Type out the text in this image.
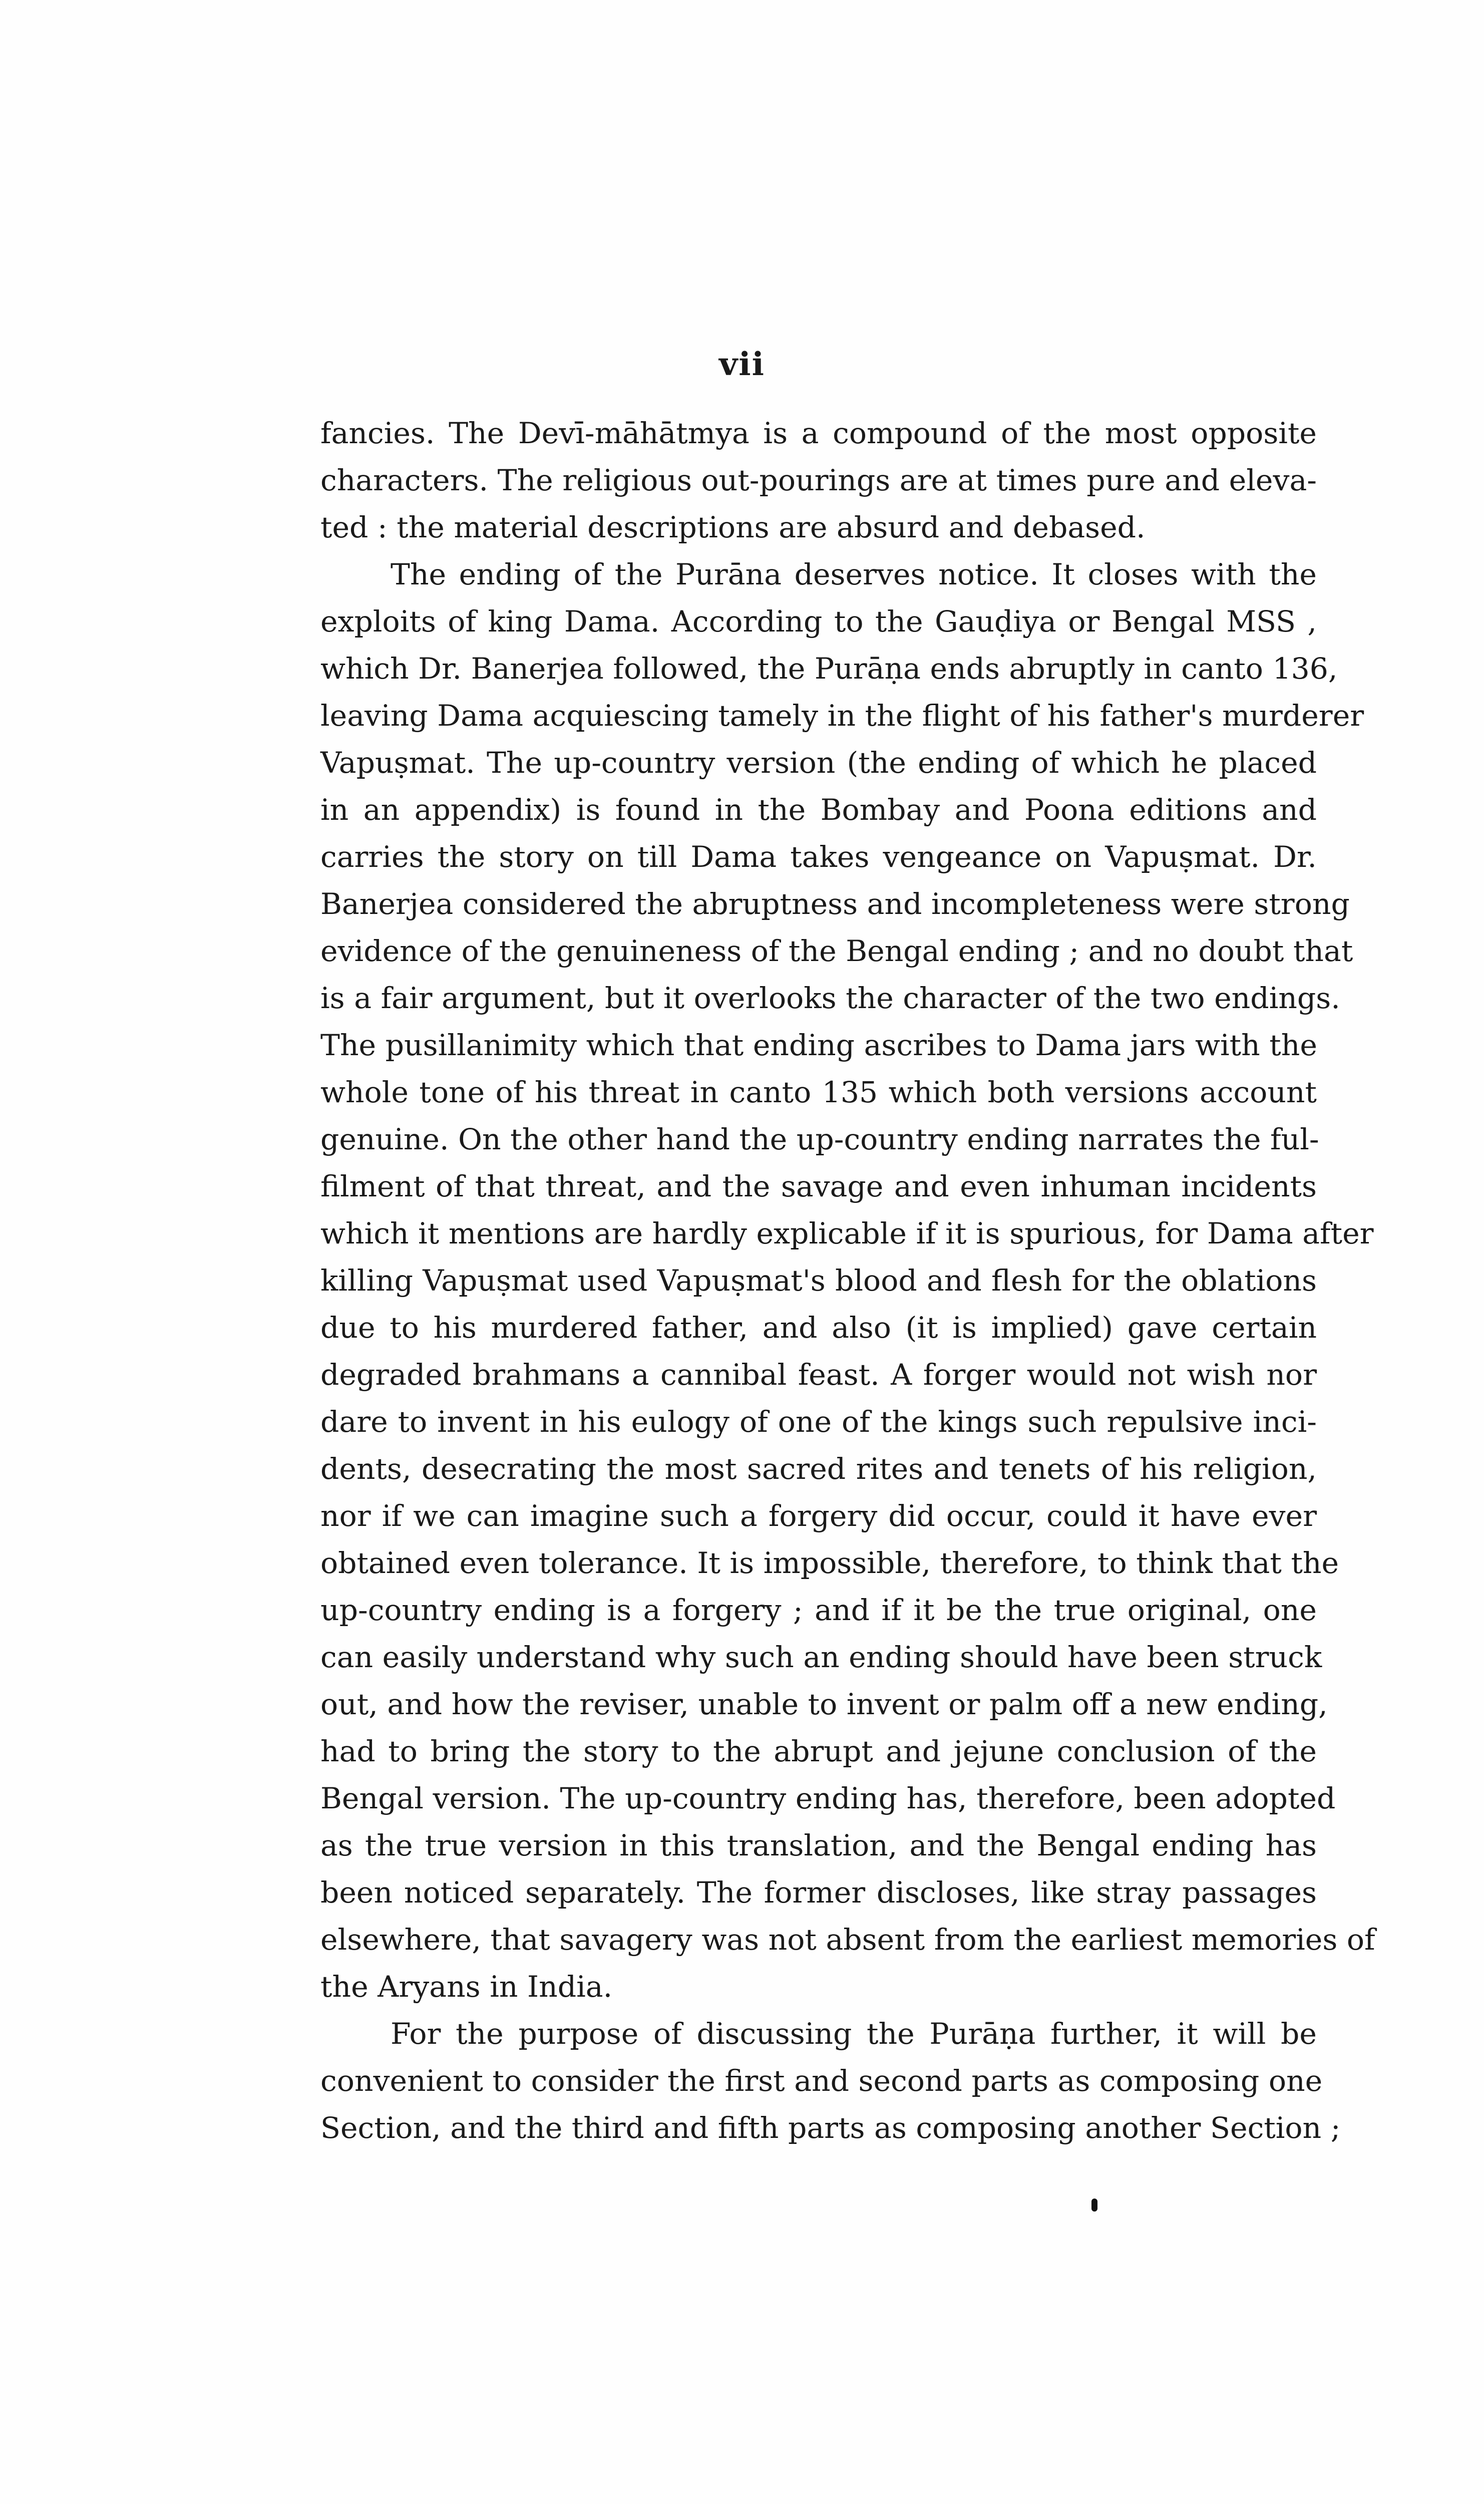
vii

fancies. The Devī-māhātmya is a compound of the most opposite
characters. The religious out-pourings are at times pure and eleva-
ted : the material descriptions are absurd and debased.

The ending of the Purāna deserves notice. It closes with the
exploits of king Dama. According to the Gauḍiya or Bengal MSS ,
which Dr. Banerjea followed, the Purāṇa ends abruptly in canto 136,
leaving Dama acquiescing tamely in the flight of his father's murderer
Vapuṣmat. The up-country version (the ending of which he placed
in an appendix) is found in the Bombay and Poona editions and
carries the story on till Dama takes vengeance on Vapuṣmat. Dr.
Banerjea considered the abruptness and incompleteness were strong
evidence of the genuineness of the Bengal ending ; and no doubt that
is a fair argument, but it overlooks the character of the two endings.
The pusillanimity which that ending ascribes to Dama jars with the
whole tone of his threat in canto 135 which both versions account
genuine. On the other hand the up-country ending narrates the ful-
filment of that threat, and the savage and even inhuman incidents
which it mentions are hardly explicable if it is spurious, for Dama after
killing Vapuṣmat used Vapuṣmat's blood and flesh for the oblations
due to his murdered father, and also (it is implied) gave certain
degraded brahmans a cannibal feast. A forger would not wish nor
dare to invent in his eulogy of one of the kings such repulsive inci-
dents, desecrating the most sacred rites and tenets of his religion,
nor if we can imagine such a forgery did occur, could it have ever
obtained even tolerance. It is impossible, therefore, to think that the
up-country ending is a forgery ; and if it be the true original, one
can easily understand why such an ending should have been struck
out, and how the reviser, unable to invent or palm off a new ending,
had to bring the story to the abrupt and jejune conclusion of the
Bengal version. The up-country ending has, therefore, been adopted
as the true version in this translation, and the Bengal ending has
been noticed separately. The former discloses, like stray passages
elsewhere, that savagery was not absent from the earliest memories of
the Aryans in India.

For the purpose of discussing the Purāṇa further, it will be
convenient to consider the first and second parts as composing one
Section, and the third and fifth parts as composing another Section ;
